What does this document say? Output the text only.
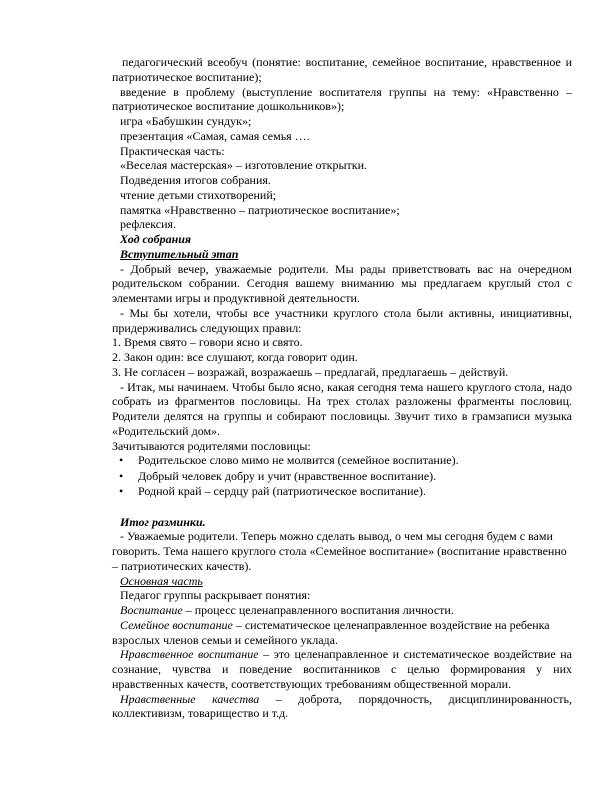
педагогический всеобуч (понятие: воспитание, семейное воспитание, нравственное и патриотическое воспитание);

введение в проблему (выступление воспитателя группы на тему: «Нравственно – патриотическое воспитание дошкольников»);

игра «Бабушкин сундук»;

презентация «Самая, самая семья ….

Практическая часть:

«Веселая мастерская» – изготовление открытки.

Подведения итогов собрания.

чтение детьми стихотворений;

памятка «Нравственно – патриотическое воспитание»;

рефлексия.

Ход собрания

Вступительный этап

- Добрый вечер, уважаемые родители. Мы рады приветствовать вас на очередном родительском собрании. Сегодня вашему вниманию мы предлагаем круглый стол с элементами игры и продуктивной деятельности.

- Мы бы хотели, чтобы все участники круглого стола были активны, инициативны, придерживались следующих правил:

1. Время свято – говори ясно и свято.

2. Закон один: все слушают, когда говорит один.

3. Не согласен – возражай, возражаешь – предлагай, предлагаешь – действуй.

- Итак, мы начинаем. Чтобы было ясно, какая сегодня тема нашего круглого стола, надо собрать из фрагментов пословицы. На трех столах разложены фрагменты пословиц. Родители делятся на группы и собирают пословицы. Звучит тихо в грамзаписи музыка «Родительский дом».

Зачитываются родителями пословицы:

• Родительское слово мимо не молвится (семейное воспитание).
• Добрый человек добру и учит (нравственное воспитание).
• Родной край – сердцу рай (патриотическое воспитание).

Итог разминки.

- Уважаемые родители. Теперь можно сделать вывод, о чем мы сегодня будем с вами говорить. Тема нашего круглого стола «Семейное воспитание» (воспитание нравственно – патриотических качеств).

Основная часть

Педагог группы раскрывает понятия:

Воспитание – процесс целенаправленного воспитания личности.

Семейное воспитание – систематическое целенаправленное воздействие на ребенка взрослых членов семьи и семейного уклада.

Нравственное воспитание – это целенаправленное и систематическое воздействие на сознание, чувства и поведение воспитанников с целью формирования у них нравственных качеств, соответствующих требованиям общественной морали.

Нравственные качества – доброта, порядочность, дисциплинированность, коллективизм, товарищество и т.д.
